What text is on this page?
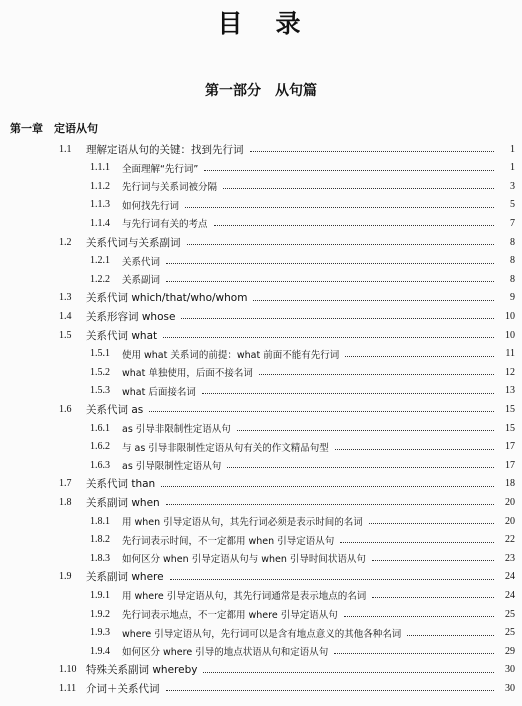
目　录
第一部分　从句篇
第一章　定语从句
1.1 理解定语从句的关键：找到先行词	1
1.1.1 全面理解“先行词”	1
1.1.2 先行词与关系词被分隔	3
1.1.3 如何找先行词	5
1.1.4 与先行词有关的考点	7
1.2 关系代词与关系副词	8
1.2.1 关系代词	8
1.2.2 关系副词	8
1.3 关系代词 which/that/who/whom	9
1.4 关系形容词 whose	10
1.5 关系代词 what	10
1.5.1 使用 what 关系词的前提：what 前面不能有先行词	11
1.5.2 what 单独使用，后面不接名词	12
1.5.3 what 后面接名词	13
1.6 关系代词 as	15
1.6.1 as 引导非限制性定语从句	15
1.6.2 与 as 引导非限制性定语从句有关的作文精品句型	17
1.6.3 as 引导限制性定语从句	17
1.7 关系代词 than	18
1.8 关系副词 when	20
1.8.1 用 when 引导定语从句，其先行词必须是表示时间的名词	20
1.8.2 先行词表示时间，不一定都用 when 引导定语从句	22
1.8.3 如何区分 when 引导定语从句与 when 引导时间状语从句	23
1.9 关系副词 where	24
1.9.1 用 where 引导定语从句，其先行词通常是表示地点的名词	24
1.9.2 先行词表示地点，不一定都用 where 引导定语从句	25
1.9.3 where 引导定语从句，先行词可以是含有地点意义的其他各种名词	25
1.9.4 如何区分 where 引导的地点状语从句和定语从句	29
1.10 特殊关系副词 whereby	30
1.11 介词＋关系代词	30
